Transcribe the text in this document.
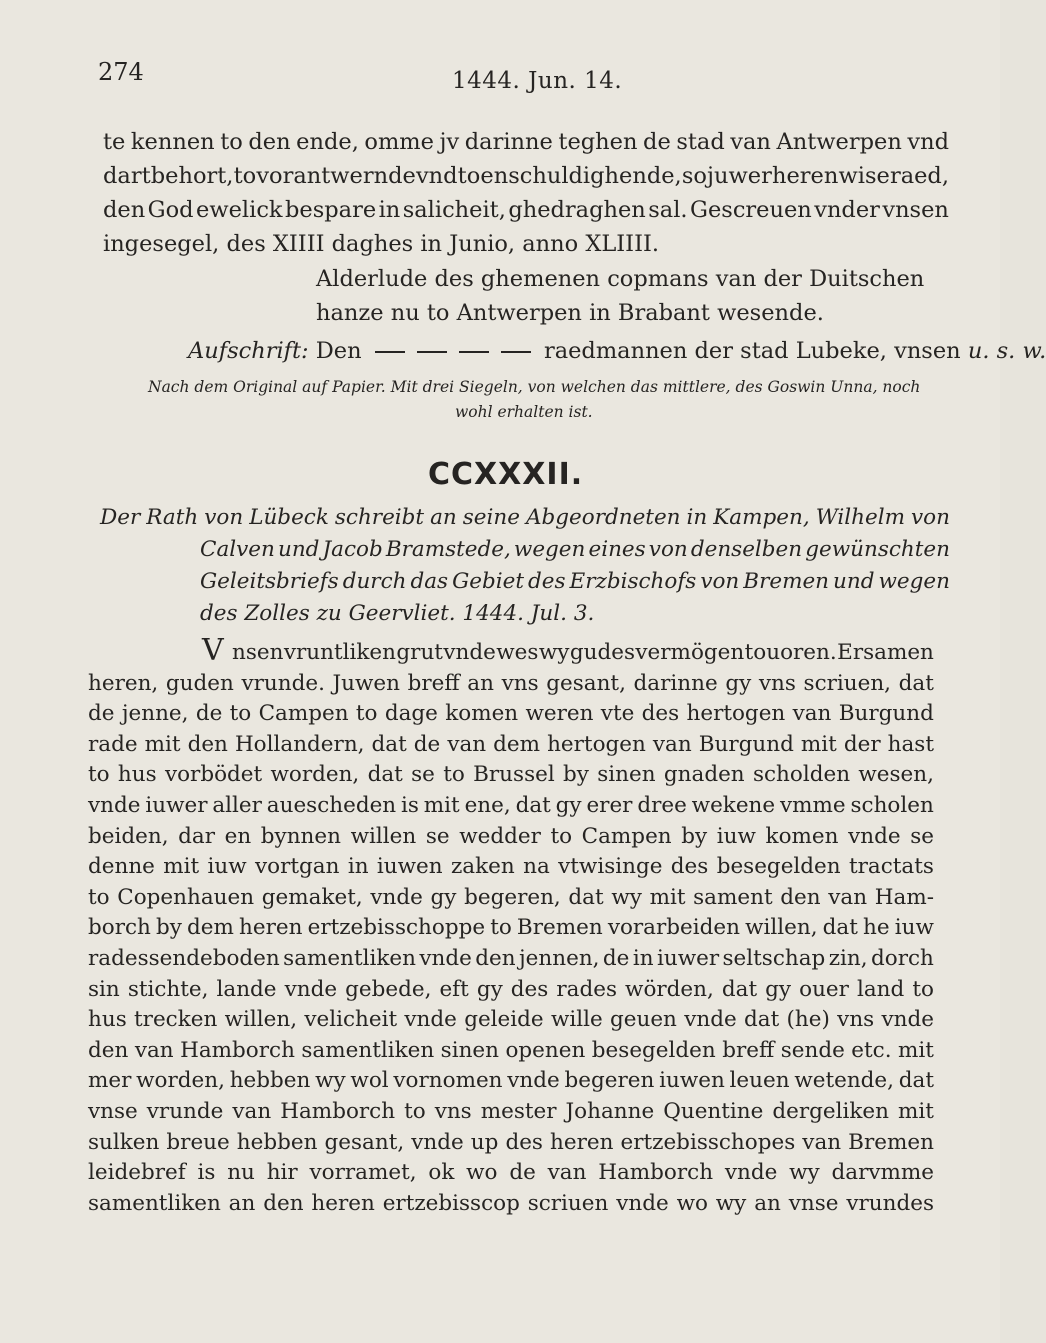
274	1444. Jun. 14.
te kennen to den ende, omme jv darinne teghen de stad van Antwerpen vnd
dart behort, to vorantwernde vnd to enschuldighende, so juwer heren wise raed,
den God ewelick bespare in salicheit, ghedraghen sal. Gescreuen vnder vnsen
ingesegel, des XIIII daghes in Junio, anno XLIIII.
Alderlude des ghemenen copmans van der Duitschen
hanze nu to Antwerpen in Brabant wesende.
Aufschrift: Den	raedmannen der stad Lubeke, vnsen u. s. w.
Nach dem Original auf Papier. Mit drei Siegeln, von welchen das mittlere, des Goswin Unna, noch
wohl erhalten ist.
CCXXXII.
Der Rath von Lübeck schreibt an seine Abgeordneten in Kampen, Wilhelm von
Calven und Jacob Bramstede, wegen eines von denselben gewünschten
Geleitsbriefs durch das Gebiet des Erzbischofs von Bremen und wegen
des Zolles zu Geervliet. 1444. Jul. 3.
V nsen vruntliken grut vnde wes wy gudes vermögen touoren. Ersamen
heren, guden vrunde. Juwen breff an vns gesant, darinne gy vns scriuen, dat
de jenne, de to Campen to dage komen weren vte des hertogen van Burgund
rade mit den Hollandern, dat de van dem hertogen van Burgund mit der hast
to hus vorbödet worden, dat se to Brussel by sinen gnaden scholden wesen,
vnde iuwer aller auescheden is mit ene, dat gy erer dree wekene vmme scholen
beiden, dar en bynnen willen se wedder to Campen by iuw komen vnde se
denne mit iuw vortgan in iuwen zaken na vtwisinge des besegelden tractats
to Copenhauen gemaket, vnde gy begeren, dat wy mit sament den van Ham-
borch by dem heren ertzebisschoppe to Bremen vorarbeiden willen, dat he iuw
radessendeboden samentliken vnde den jennen, de in iuwer seltschap zin, dorch
sin stichte, lande vnde gebede, eft gy des rades wörden, dat gy ouer land to
hus trecken willen, velicheit vnde geleide wille geuen vnde dat (he) vns vnde
den van Hamborch samentliken sinen openen besegelden breff sende etc. mit
mer worden, hebben wy wol vornomen vnde begeren iuwen leuen wetende, dat
vnse vrunde van Hamborch to vns mester Johanne Quentine dergeliken mit
sulken breue hebben gesant, vnde up des heren ertzebisschopes van Bremen
leidebref is nu hir vorramet, ok wo de van Hamborch vnde wy darvmme
samentliken an den heren ertzebisscop scriuen vnde wo wy an vnse vrundes
